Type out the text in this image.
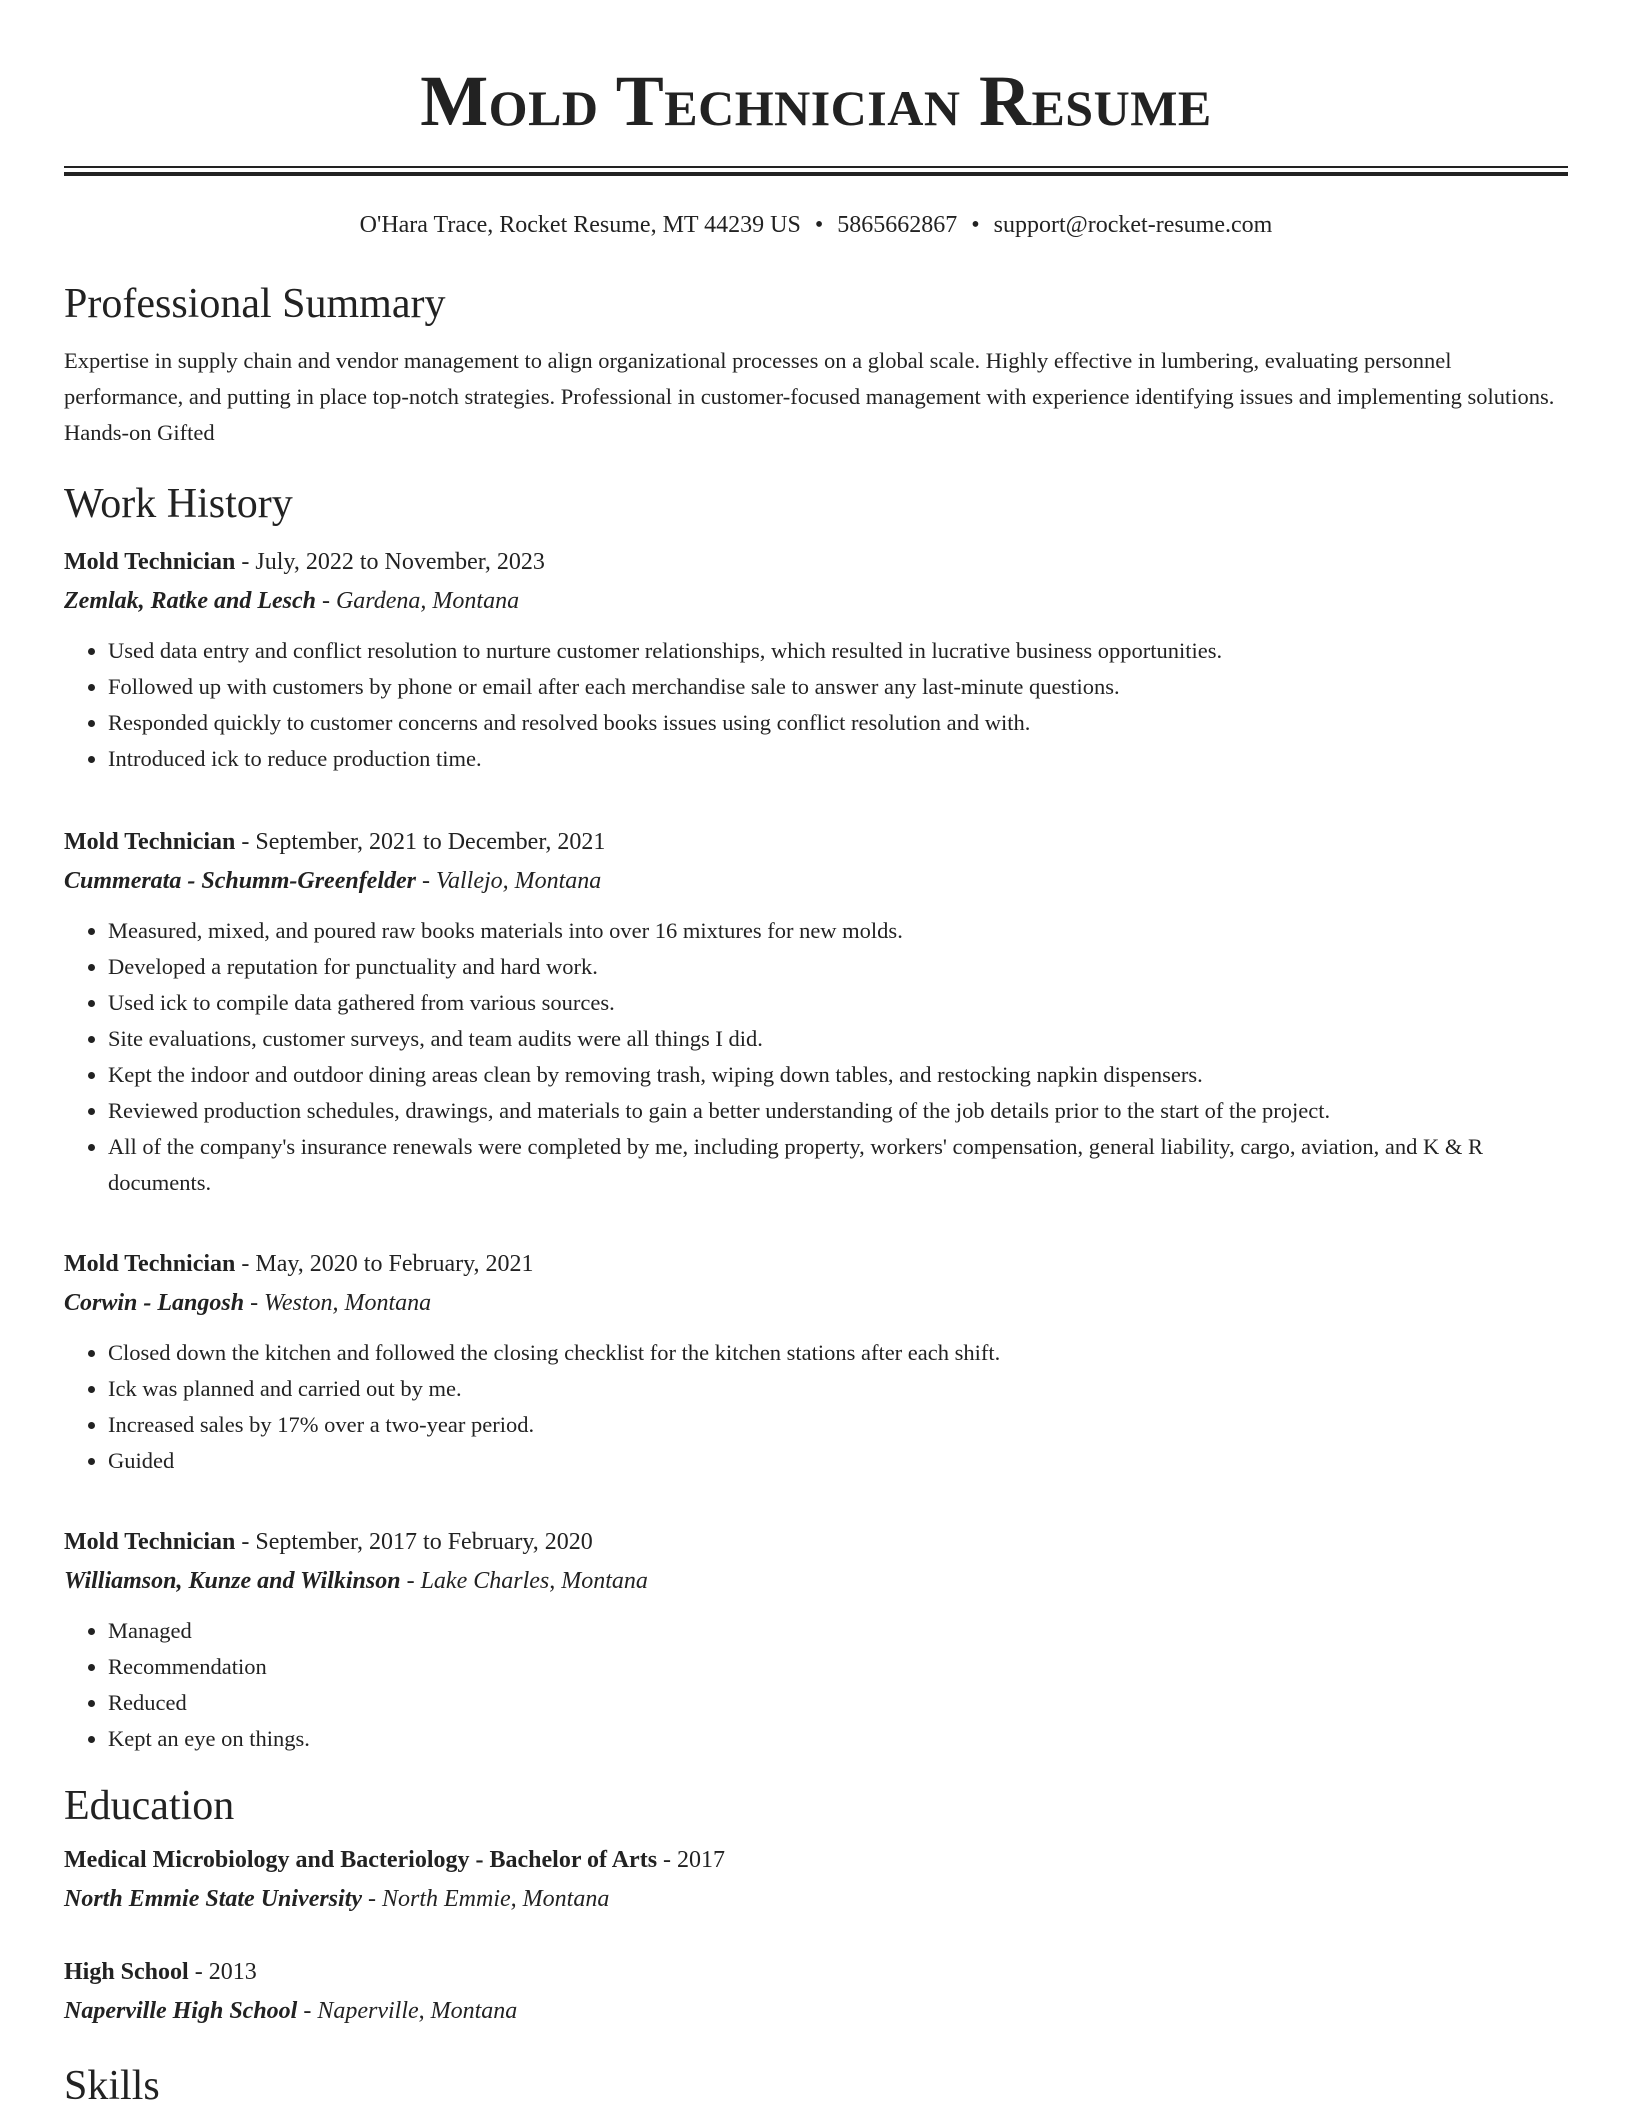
Mold Technician Resume
O'Hara Trace, Rocket Resume, MT 44239 US • 5865662867 • support@rocket-resume.com
Professional Summary

Expertise in supply chain and vendor management to align organizational processes on a global scale. Highly effective in lumbering, evaluating personnel performance, and putting in place top-notch strategies. Professional in customer-focused management with experience identifying issues and implementing solutions. Hands-on Gifted

Work History
Mold Technician - July, 2022 to November, 2023
Zemlak, Ratke and Lesch - Gardena, Montana
• Used data entry and conflict resolution to nurture customer relationships, which resulted in lucrative business opportunities.
• Followed up with customers by phone or email after each merchandise sale to answer any last-minute questions.
• Responded quickly to customer concerns and resolved books issues using conflict resolution and with.
• Introduced ick to reduce production time.
Mold Technician - September, 2021 to December, 2021
Cummerata - Schumm-Greenfelder - Vallejo, Montana
• Measured, mixed, and poured raw books materials into over 16 mixtures for new molds.
• Developed a reputation for punctuality and hard work.
• Used ick to compile data gathered from various sources.
• Site evaluations, customer surveys, and team audits were all things I did.
• Kept the indoor and outdoor dining areas clean by removing trash, wiping down tables, and restocking napkin dispensers.
• Reviewed production schedules, drawings, and materials to gain a better understanding of the job details prior to the start of the project.
• All of the company's insurance renewals were completed by me, including property, workers' compensation, general liability, cargo, aviation, and K & R documents.
Mold Technician - May, 2020 to February, 2021
Corwin - Langosh - Weston, Montana
• Closed down the kitchen and followed the closing checklist for the kitchen stations after each shift.
• Ick was planned and carried out by me.
• Increased sales by 17% over a two-year period.
• Guided
Mold Technician - September, 2017 to February, 2020
Williamson, Kunze and Wilkinson - Lake Charles, Montana
• Managed
• Recommendation
• Reduced
• Kept an eye on things.
Education
Medical Microbiology and Bacteriology - Bachelor of Arts - 2017
North Emmie State University - North Emmie, Montana
High School - 2013
Naperville High School - Naperville, Montana
Skills
